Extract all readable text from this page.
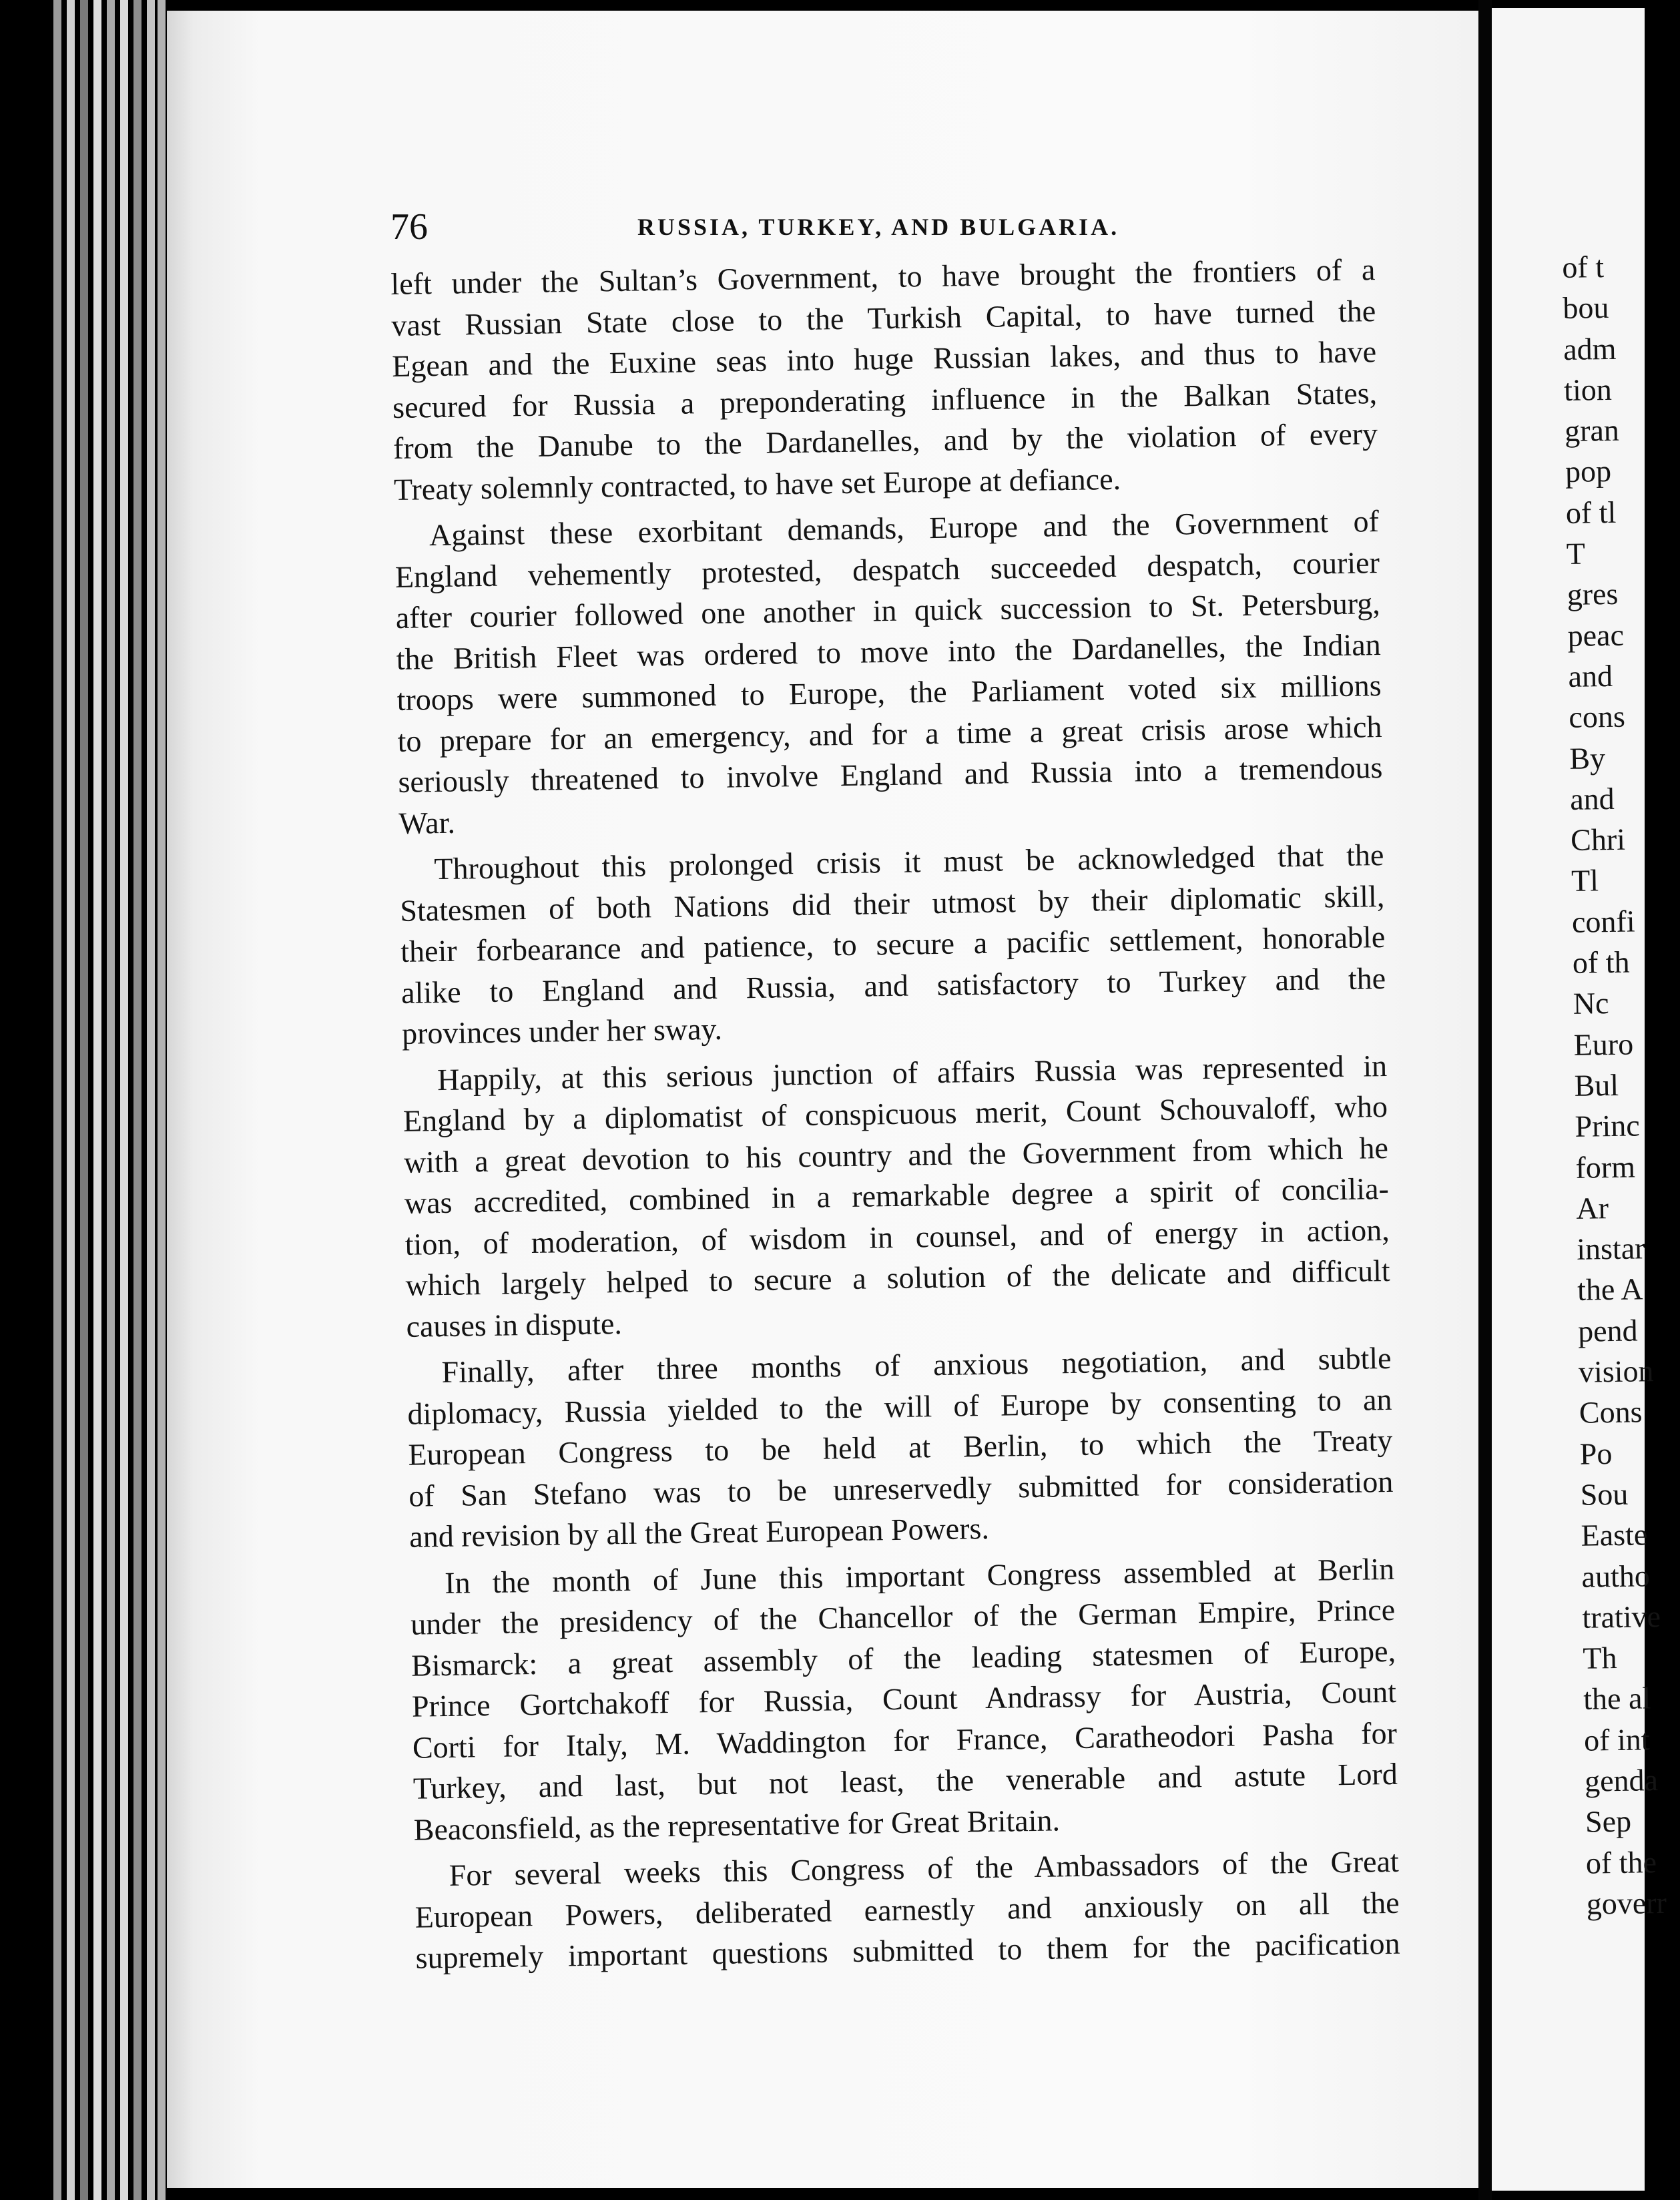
76	RUSSIA, TURKEY, AND BULGARIA.
left under the Sultan’s Government, to have brought the frontiers of a
vast Russian State close to the Turkish Capital, to have turned the
Egean and the Euxine seas into huge Russian lakes, and thus to have
secured for Russia a preponderating influence in the Balkan States,
from the Danube to the Dardanelles, and by the violation of every
Treaty solemnly contracted, to have set Europe at defiance.
Against these exorbitant demands, Europe and the Government of
England vehemently protested, despatch succeeded despatch, courier
after courier followed one another in quick succession to St. Petersburg,
the British Fleet was ordered to move into the Dardanelles, the Indian
troops were summoned to Europe, the Parliament voted six millions
to prepare for an emergency, and for a time a great crisis arose which
seriously threatened to involve England and Russia into a tremendous
War.
Throughout this prolonged crisis it must be acknowledged that the
Statesmen of both Nations did their utmost by their diplomatic skill,
their forbearance and patience, to secure a pacific settlement, honorable
alike to England and Russia, and satisfactory to Turkey and the
provinces under her sway.
Happily, at this serious junction of affairs Russia was represented in
England by a diplomatist of conspicuous merit, Count Schouvaloff, who
with a great devotion to his country and the Government from which he
was accredited, combined in a remarkable degree a spirit of concilia-
tion, of moderation, of wisdom in counsel, and of energy in action,
which largely helped to secure a solution of the delicate and difficult
causes in dispute.
Finally, after three months of anxious negotiation, and subtle
diplomacy, Russia yielded to the will of Europe by consenting to an
European Congress to be held at Berlin, to which the Treaty
of San Stefano was to be unreservedly submitted for consideration
and revision by all the Great European Powers.
In the month of June this important Congress assembled at Berlin
under the presidency of the Chancellor of the German Empire, Prince
Bismarck: a great assembly of the leading statesmen of Europe,
Prince Gortchakoff for Russia, Count Andrassy for Austria, Count
Corti for Italy, M. Waddington for France, Caratheodori Pasha for
Turkey, and last, but not least, the venerable and astute Lord
Beaconsfield, as the representative for Great Britain.
For several weeks this Congress of the Ambassadors of the Great
European Powers, deliberated earnestly and anxiously on all the
supremely important questions submitted to them for the pacification
of t
bou
adm
tion
gran
pop
of tl
T
gres
peac
and
cons
By
and
Chri
Tl
confi
of th
Nc
Euro
Bul
Princ
form
Ar
instar
the A
pend
vision
Cons
Po
Sou
Easte
autho
trative
Th
the al
of int
genda
Sep
of the
goverr
